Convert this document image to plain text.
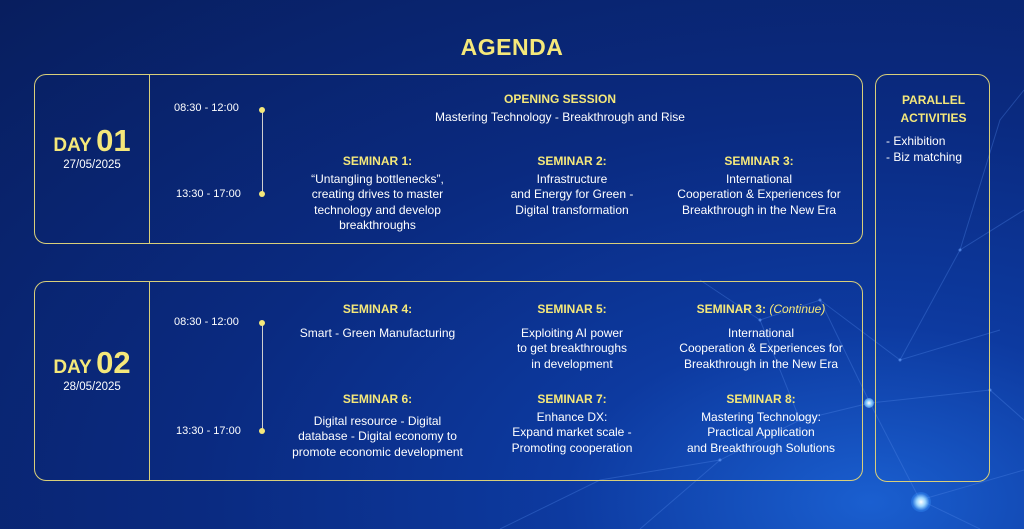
AGENDA
DAY 01
27/05/2025
08:30 - 12:00
13:30 - 17:00
OPENING SESSION
Mastering Technology - Breakthrough and Rise
SEMINAR 1:
“Untangling bottlenecks”,
creating drives to master
technology and develop
breakthroughs
SEMINAR 2:
Infrastructure
and Energy for Green -
Digital transformation
SEMINAR 3:
International
Cooperation & Experiences for
Breakthrough in the New Era
DAY 02
28/05/2025
08:30 - 12:00
13:30 - 17:00
SEMINAR 4:
Smart - Green Manufacturing
SEMINAR 5:
Exploiting AI power
to get breakthroughs
in development
SEMINAR 3: (Continue)
International
Cooperation & Experiences for
Breakthrough in the New Era
SEMINAR 6:
Digital resource - Digital
database - Digital economy to
promote economic development
SEMINAR 7:
Enhance DX:
Expand market scale -
Promoting cooperation
SEMINAR 8:
Mastering Technology:
Practical Application
and Breakthrough Solutions
PARALLEL
ACTIVITIES
- Exhibition
- Biz matching
